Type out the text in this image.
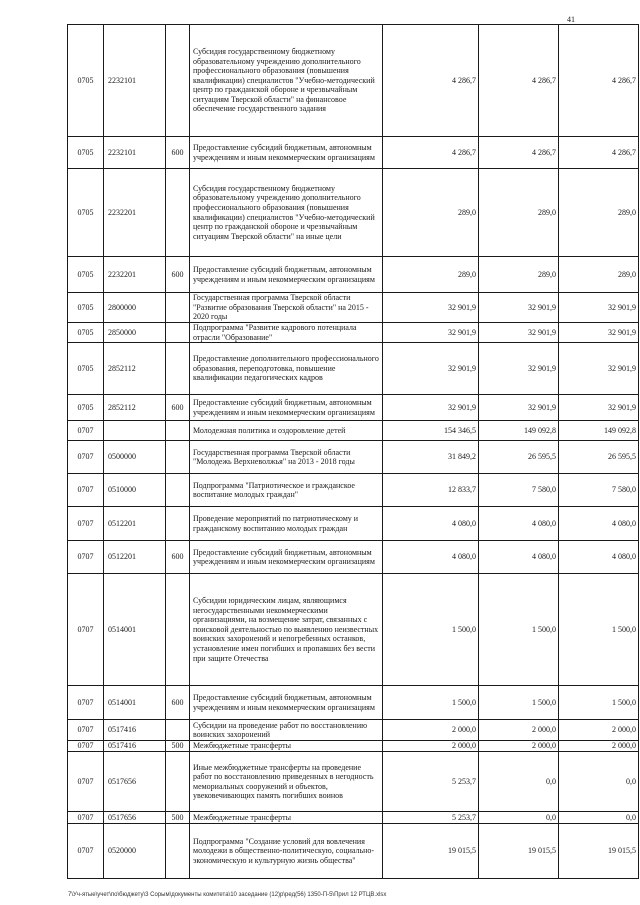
41
0705	2232101		Субсидия государственному бюджетному образовательному учреждению дополнительного профессионального образования (повышения квалификации) специалистов "Учебно-методический центр по гражданской обороне и чрезвычайным ситуациям Тверской области" на финансовое обеспечение государственного задания	4 286,7	4 286,7	4 286,7
0705	2232101	600	Предоставление субсидий бюджетным, автономным учреждениям и иным некоммерческим организациям	4 286,7	4 286,7	4 286,7
0705	2232201		Субсидия государственному бюджетному образовательному учреждению дополнительного профессионального образования (повышения квалификации) специалистов "Учебно-методический центр по гражданской обороне и чрезвычайным ситуациям Тверской области" на иные цели	289,0	289,0	289,0
0705	2232201	600	Предоставление субсидий бюджетным, автономным учреждениям и иным некоммерческим организациям	289,0	289,0	289,0
0705	2800000		Государственная программа Тверской области "Развитие образования Тверской области" на 2015 - 2020 годы	32 901,9	32 901,9	32 901,9
0705	2850000		Подпрограмма "Развитие кадрового потенциала отрасли "Образование"	32 901,9	32 901,9	32 901,9
0705	2852112		Предоставление дополнительного профессионального образования, переподготовка, повышение квалификации педагогических кадров	32 901,9	32 901,9	32 901,9
0705	2852112	600	Предоставление субсидий бюджетным, автономным учреждениям и иным некоммерческим организациям	32 901,9	32 901,9	32 901,9
0707			Молодежная политика и оздоровление детей	154 346,5	149 092,8	149 092,8
0707	0500000		Государственная программа Тверской области "Молодежь Верхневолжья" на 2013 - 2018 годы	31 849,2	26 595,5	26 595,5
0707	0510000		Подпрограмма "Патриотическое и гражданское воспитание молодых граждан"	12 833,7	7 580,0	7 580,0
0707	0512201		Проведение мероприятий по патриотическому и гражданскому воспитанию молодых граждан	4 080,0	4 080,0	4 080,0
0707	0512201	600	Предоставление субсидий бюджетным, автономным учреждениям и иным некоммерческим организациям	4 080,0	4 080,0	4 080,0
0707	0514001		Субсидии юридическим лицам, являющимся негосударственными некоммерческими организациями, на возмещение затрат, связанных с поисковой деятельностью по выявлению неизвестных воинских захоронений и непогребенных останков, установление имен погибших и пропавших без вести при защите Отечества	1 500,0	1 500,0	1 500,0
0707	0514001	600	Предоставление субсидий бюджетным, автономным учреждениям и иным некоммерческим организациям	1 500,0	1 500,0	1 500,0
0707	0517416		Субсидии на проведение работ по восстановлению воинских захоронений	2 000,0	2 000,0	2 000,0
0707	0517416	500	Межбюджетные трансферты	2 000,0	2 000,0	2 000,0
0707	0517656		Иные межбюджетные трансферты на проведение работ по восстановлению приведенных в негодность мемориальных сооружений и объектов, увековечивающих память погибших воинов	5 253,7	0,0	0,0
0707	0517656	500	Межбюджетные трансферты	5 253,7	0,0	0,0
0707	0520000		Подпрограмма "Создание условий для вовлечения молодежи в общественно-политическую, социально-экономическую и культурную жизнь общества"	19 015,5	19 015,5	19 015,5
7\Уч-ятые\учет\по\бюджету\3 Сорым\документы комитета\10 заседание (12)р\ред(56) 1350-П-5\Прил 12 РТЦВ.xlsx
